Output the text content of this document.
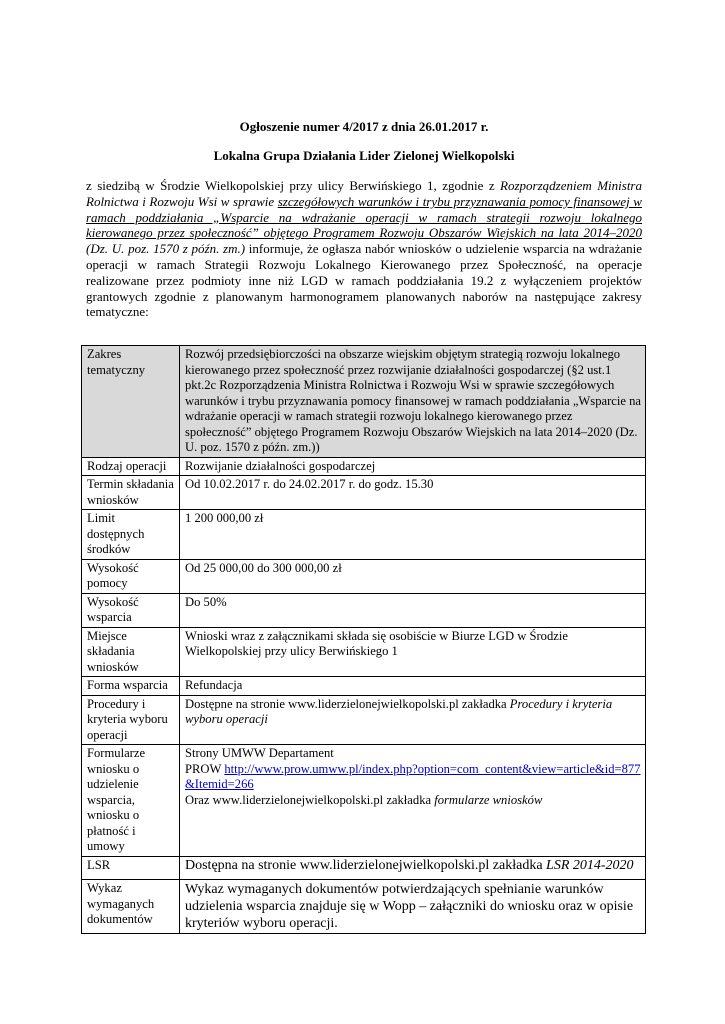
Ogłoszenie numer 4/2017 z dnia 26.01.2017 r.
Lokalna Grupa Działania Lider Zielonej Wielkopolski
z siedzibą w Środzie Wielkopolskiej przy ulicy Berwińskiego 1, zgodnie z Rozporządzeniem Ministra Rolnictwa i Rozwoju Wsi w sprawie szczegółowych warunków i trybu przyznawania pomocy finansowej w ramach poddziałania „Wsparcie na wdrażanie operacji w ramach strategii rozwoju lokalnego kierowanego przez społeczność” objętego Programem Rozwoju Obszarów Wiejskich na lata 2014–2020 (Dz. U. poz. 1570 z późn. zm.) informuje, że ogłasza nabór wniosków o udzielenie wsparcia na wdrażanie operacji w ramach Strategii Rozwoju Lokalnego Kierowanego przez Społeczność, na operacje realizowane przez podmioty inne niż LGD w ramach poddziałania 19.2 z wyłączeniem projektów grantowych zgodnie z planowanym harmonogramem planowanych naborów na następujące zakresy tematyczne:
Zakres tematyczny	Rozwój przedsiębiorczości na obszarze wiejskim objętym strategią rozwoju lokalnego kierowanego przez społeczność przez rozwijanie działalności gospodarczej (§2 ust.1 pkt.2c Rozporządzenia Ministra Rolnictwa i Rozwoju Wsi w sprawie szczegółowych warunków i trybu przyznawania pomocy finansowej w ramach poddziałania „Wsparcie na wdrażanie operacji w ramach strategii rozwoju lokalnego kierowanego przez społeczność” objętego Programem Rozwoju Obszarów Wiejskich na lata 2014–2020 (Dz. U. poz. 1570 z późn. zm.))
Rodzaj operacji	Rozwijanie działalności gospodarczej
Termin składania wniosków	Od 10.02.2017 r. do 24.02.2017 r. do godz. 15.30
Limit dostępnych środków	1 200 000,00 zł
Wysokość pomocy	Od 25 000,00 do 300 000,00 zł
Wysokość wsparcia	Do 50%
Miejsce składania wniosków	Wnioski wraz z załącznikami składa się osobiście w Biurze LGD w Środzie Wielkopolskiej przy ulicy Berwińskiego 1
Forma wsparcia	Refundacja
Procedury i kryteria wyboru operacji	Dostępne na stronie www.liderzielonejwielkopolski.pl zakładka Procedury i kryteria wyboru operacji
Formularze wniosku o udzielenie wsparcia, wniosku o płatność i umowy	Strony UMWW Departament
PROW http://www.prow.umww.pl/index.php?option=com_content&view=article&id=877&Itemid=266
Oraz www.liderzielonejwielkopolski.pl zakładka formularze wniosków

LSR	Dostępna na stronie www.liderzielonejwielkopolski.pl zakładka LSR 2014-2020

Wykaz wymaganych dokumentów	Wykaz wymaganych dokumentów potwierdzających spełnianie warunków udzielenia wsparcia znajduje się w Wopp – załączniki do wniosku oraz w opisie kryteriów wyboru operacji.
